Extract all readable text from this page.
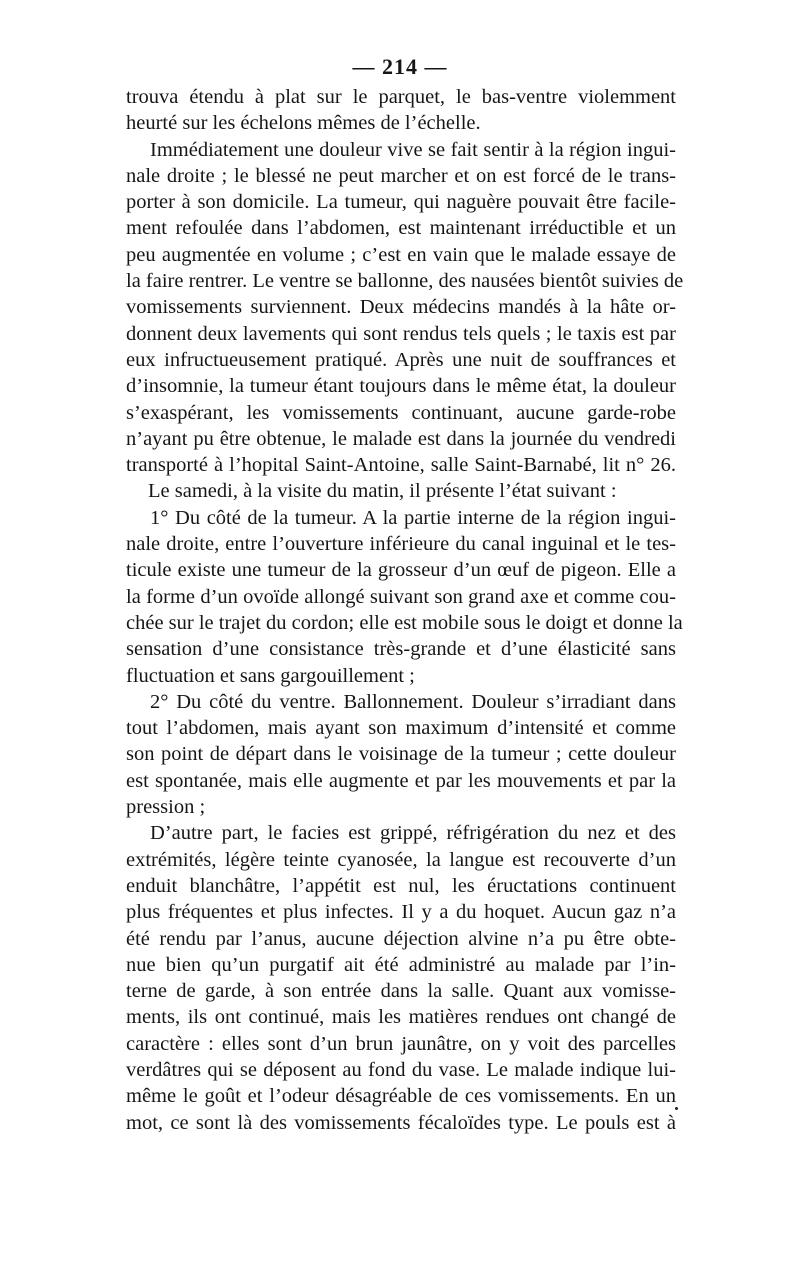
— 214 —
trouva étendu à plat sur le parquet, le bas-ventre violemment
heurté sur les échelons mêmes de l’échelle.
Immédiatement une douleur vive se fait sentir à la région ingui-
nale droite ; le blessé ne peut marcher et on est forcé de le trans-
porter à son domicile. La tumeur, qui naguère pouvait être facile-
ment refoulée dans l’abdomen, est maintenant irréductible et un
peu augmentée en volume ; c’est en vain que le malade essaye de
la faire rentrer. Le ventre se ballonne, des nausées bientôt suivies de
vomissements surviennent. Deux médecins mandés à la hâte or-
donnent deux lavements qui sont rendus tels quels ; le taxis est par
eux infructueusement pratiqué. Après une nuit de souffrances et
d’insomnie, la tumeur étant toujours dans le même état, la douleur
s’exaspérant, les vomissements continuant, aucune garde-robe
n’ayant pu être obtenue, le malade est dans la journée du vendredi
transporté à l’hopital Saint-Antoine, salle Saint-Barnabé, lit n° 26.
Le samedi, à la visite du matin, il présente l’état suivant :
1° Du côté de la tumeur. A la partie interne de la région ingui-
nale droite, entre l’ouverture inférieure du canal inguinal et le tes-
ticule existe une tumeur de la grosseur d’un œuf de pigeon. Elle a
la forme d’un ovoïde allongé suivant son grand axe et comme cou-
chée sur le trajet du cordon; elle est mobile sous le doigt et donne la
sensation d’une consistance très-grande et d’une élasticité sans
fluctuation et sans gargouillement ;
2° Du côté du ventre. Ballonnement. Douleur s’irradiant dans
tout l’abdomen, mais ayant son maximum d’intensité et comme
son point de départ dans le voisinage de la tumeur ; cette douleur
est spontanée, mais elle augmente et par les mouvements et par la
pression ;
D’autre part, le facies est grippé, réfrigération du nez et des
extrémités, légère teinte cyanosée, la langue est recouverte d’un
enduit blanchâtre, l’appétit est nul, les éructations continuent
plus fréquentes et plus infectes. Il y a du hoquet. Aucun gaz n’a
été rendu par l’anus, aucune déjection alvine n’a pu être obte-
nue bien qu’un purgatif ait été administré au malade par l’in-
terne de garde, à son entrée dans la salle. Quant aux vomisse-
ments, ils ont continué, mais les matières rendues ont changé de
caractère : elles sont d’un brun jaunâtre, on y voit des parcelles
verdâtres qui se déposent au fond du vase. Le malade indique lui-
même le goût et l’odeur désagréable de ces vomissements. En un
mot, ce sont là des vomissements fécaloïdes type. Le pouls est à
